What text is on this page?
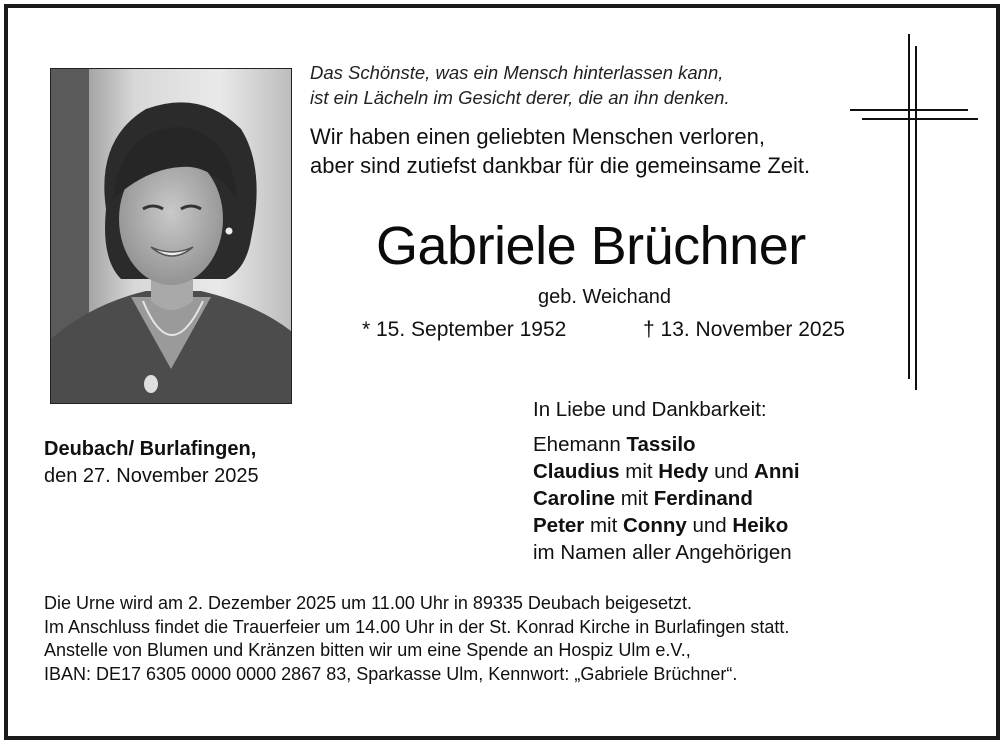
Das Schönste, was ein Mensch hinterlassen kann,
ist ein Lächeln im Gesicht derer, die an ihn denken.
Wir haben einen geliebten Menschen verloren,
aber sind zutiefst dankbar für die gemeinsame Zeit.
Gabriele Brüchner
geb. Weichand
* 15. September 1952	† 13. November 2025
Deubach/ Burlafingen,
den 27. November 2025

In Liebe und Dankbarkeit:

Ehemann Tassilo

Claudius mit Hedy und Anni

Caroline mit Ferdinand

Peter mit Conny und Heiko

im Namen aller Angehörigen

Die Urne wird am 2. Dezember 2025 um 11.00 Uhr in 89335 Deubach beigesetzt.

Im Anschluss findet die Trauerfeier um 14.00 Uhr in der St. Konrad Kirche in Burlafingen statt.

Anstelle von Blumen und Kränzen bitten wir um eine Spende an Hospiz Ulm e.V.,

IBAN: DE17 6305 0000 0000 2867 83, Sparkasse Ulm, Kennwort: „Gabriele Brüchner“.
